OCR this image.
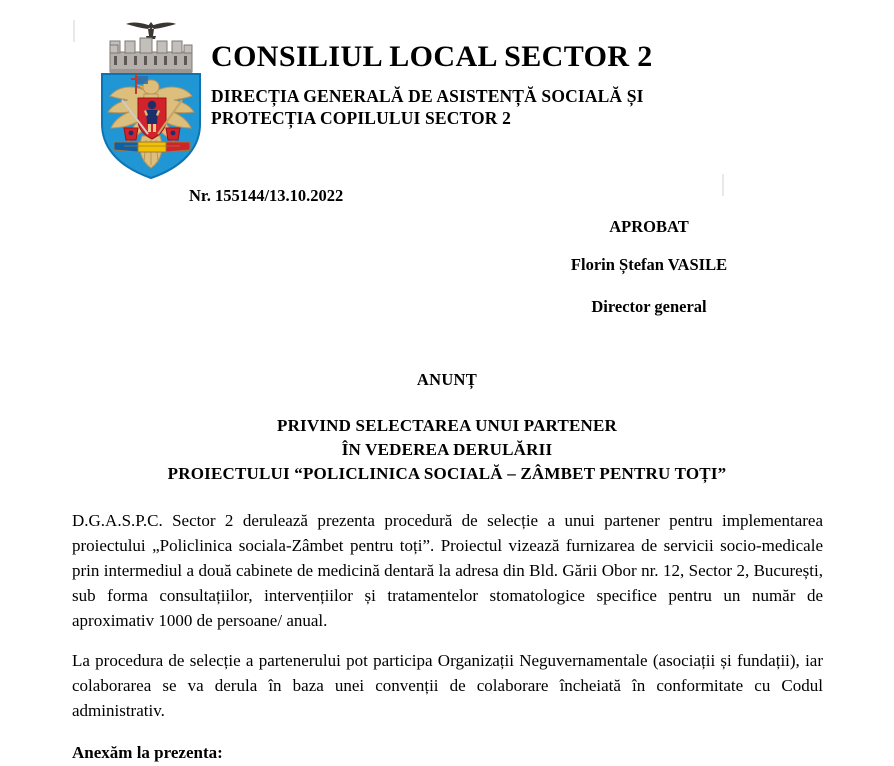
CONSILIUL LOCAL SECTOR 2
DIRECȚIA GENERALĂ DE ASISTENȚĂ SOCIALĂ ȘI
PROTECȚIA COPILULUI SECTOR 2
Nr. 155144/13.10.2022
APROBAT
Florin Ștefan VASILE
Director general
ANUNȚ
PRIVIND SELECTAREA UNUI PARTENER
ÎN VEDEREA DERULĂRII
PROIECTULUI “POLICLINICA SOCIALĂ – ZÂMBET PENTRU TOȚI”

D.G.A.S.P.C. Sector 2 derulează prezenta procedură de selecție a unui partener pentru implementarea proiectului „Policlinica sociala-Zâmbet pentru toți”. Proiectul vizează furnizarea de servicii socio-medicale prin intermediul a două cabinete de medicină dentară la adresa din Bld. Gării Obor nr. 12, Sector 2, București, sub forma consultațiilor, intervențiilor și tratamentelor stomatologice specifice pentru un număr de aproximativ 1000 de persoane/ anual.

La procedura de selecție a partenerului pot participa Organizații Neguvernamentale (asociații și fundații), iar colaborarea se va derula în baza unei convenții de colaborare încheiată în conformitate cu Codul administrativ.

Anexăm la prezenta:
